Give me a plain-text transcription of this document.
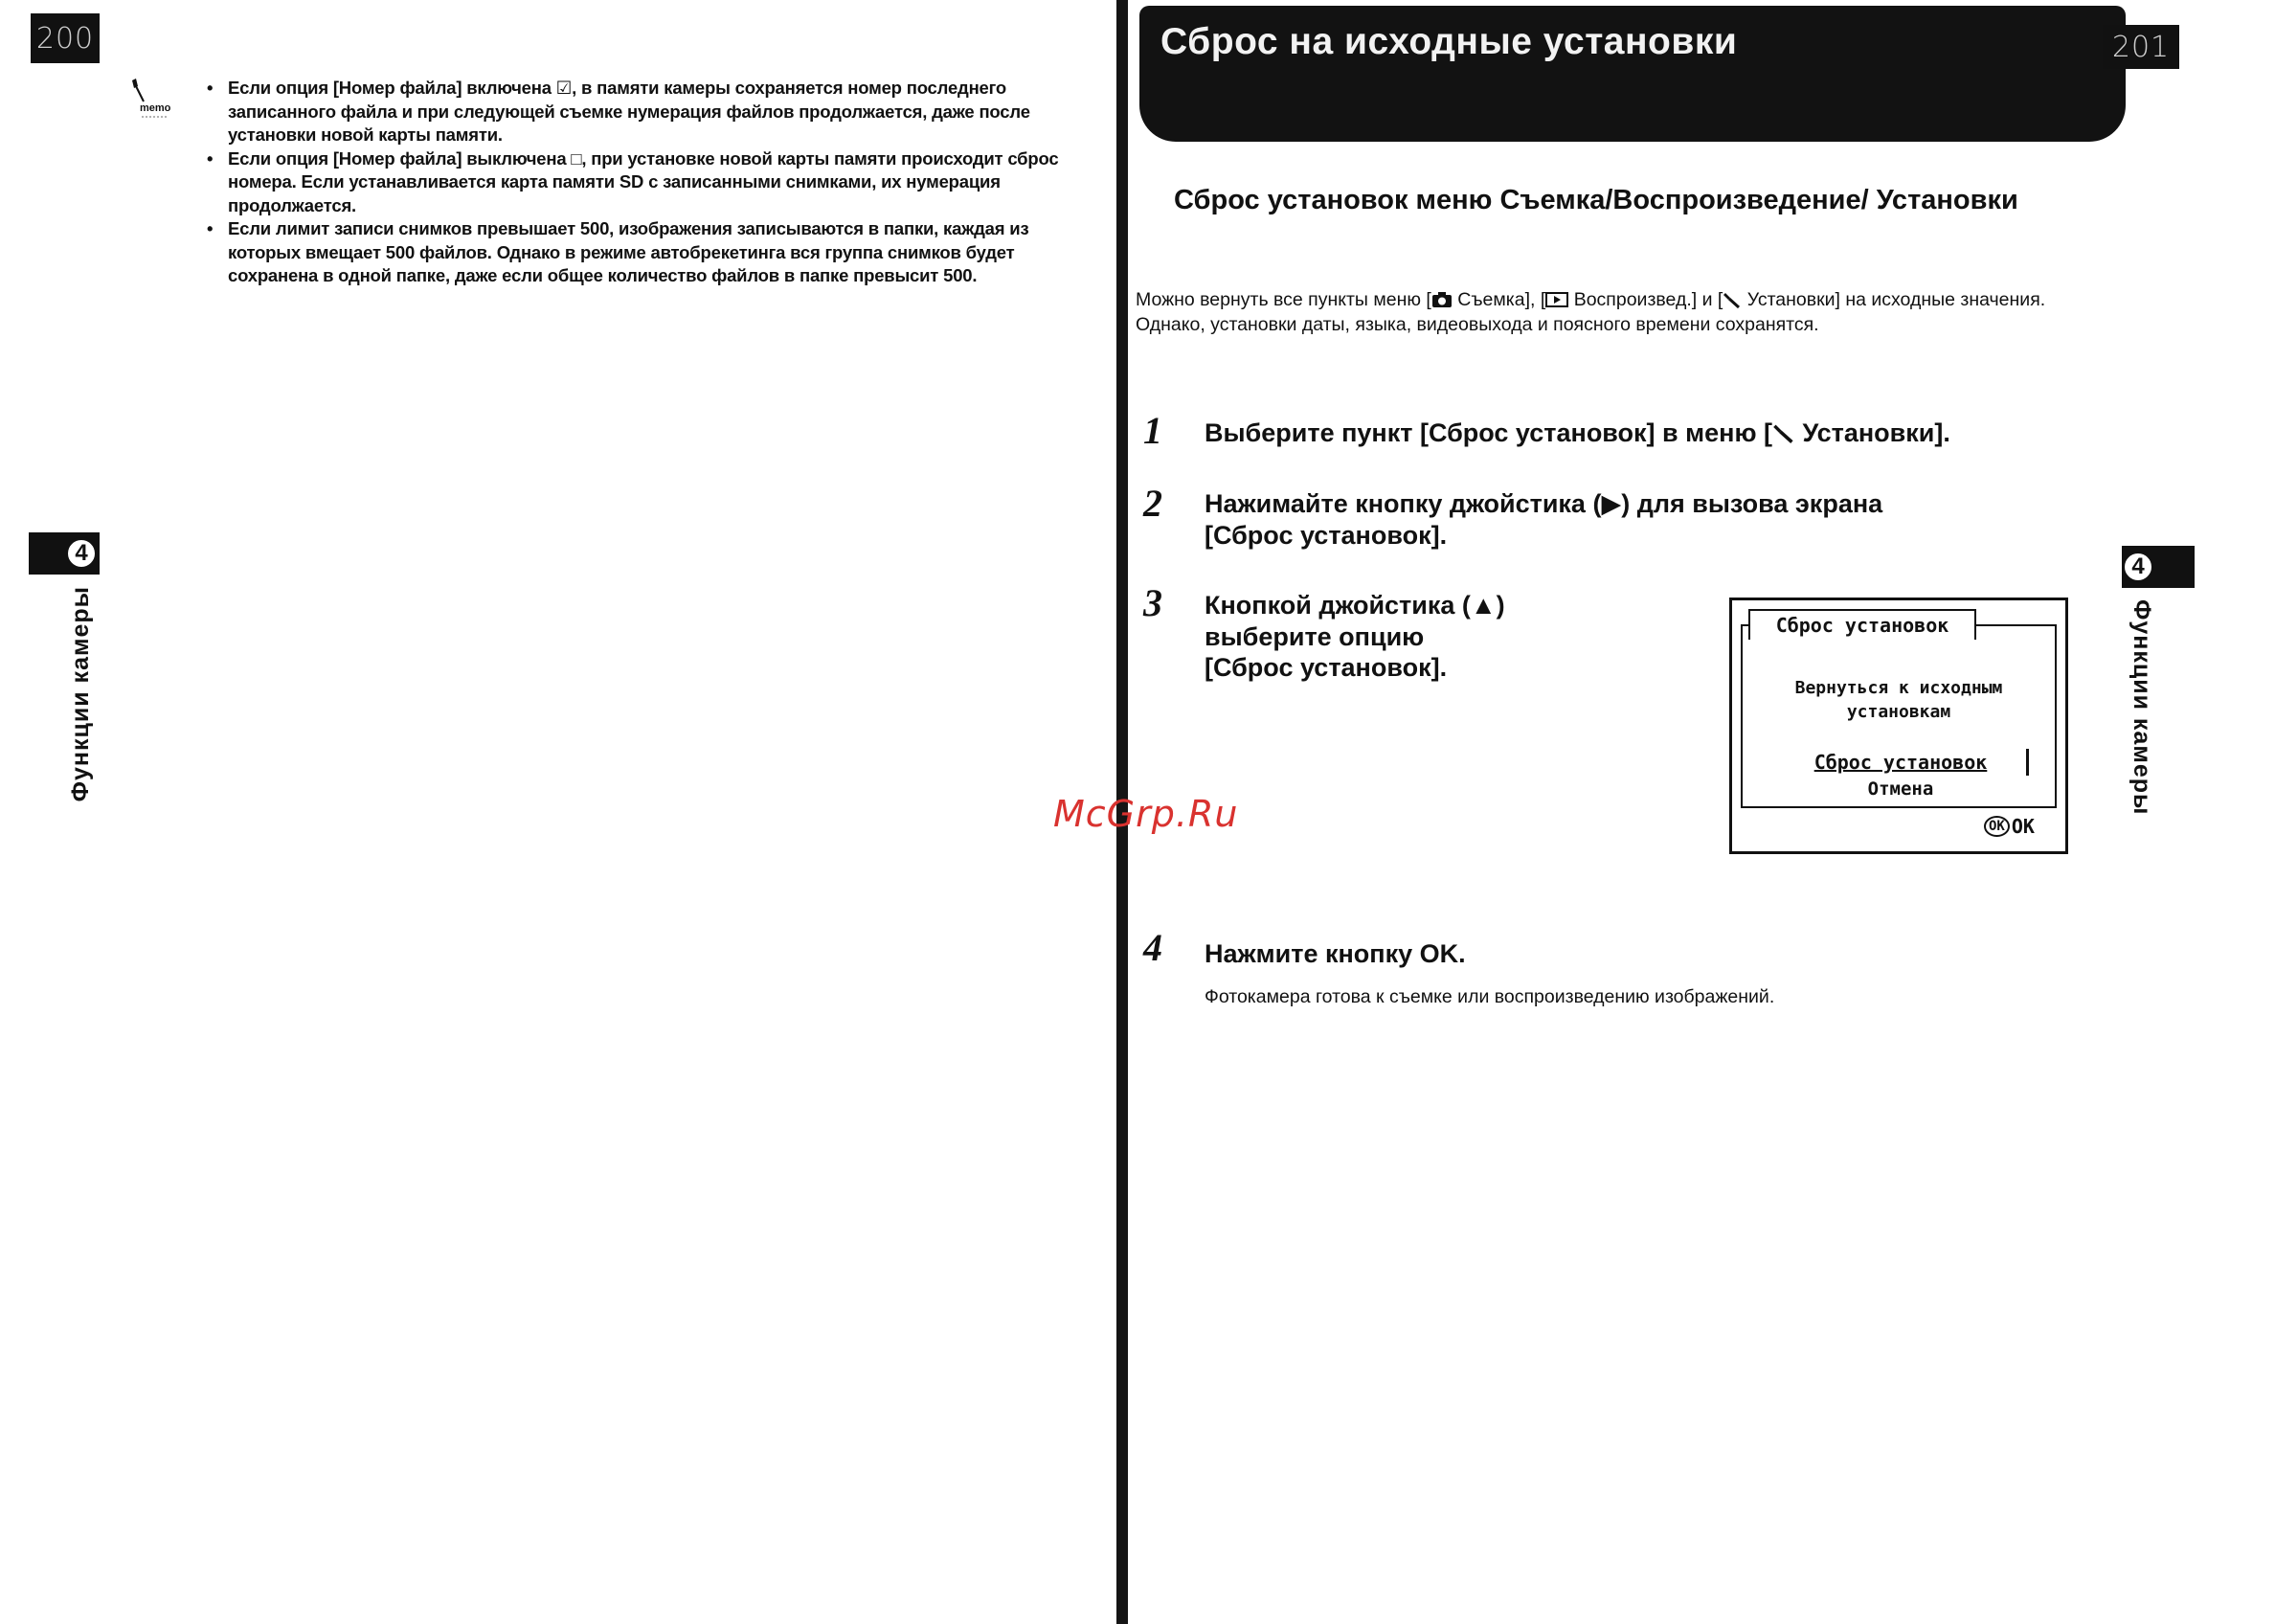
200
memo
• Если опция [Номер файла] включена ☑, в памяти камеры сохраняется номер последнего записанного файла и при следующей съемке нумерация файлов продолжается, даже после установки новой карты памяти.
• Если опция [Номер файла] выключена □, при установке новой карты памяти происходит сброс номера. Если устанавливается карта памяти SD с записанными снимками, их нумерация продолжается.
• Если лимит записи снимков превышает 500, изображения записываются в папки, каждая из которых вмещает 500 файлов. Однако в режиме автобрекетинга вся группа снимков будет сохранена в одной папке, даже если общее количество файлов в папке превысит 500.
4
Функции камеры
Сброс на исходные установки	201
Сброс установок меню Съемка/Воспроизведение/ Установки
Можно вернуть все пункты меню [ Съемка], [ Воспроизвед.] и [ Установки] на исходные значения.
Однако, установки даты, языка, видеовыхода и поясного времени сохранятся.
1 Выберите пункт [Сброс установок] в меню [ Установки].
2 Нажимайте кнопку джойстика (▶) для вызова экрана
[Сброс установок].
3 Кнопкой джойстика (▲)
выберите опцию
[Сброс установок].
Сброс установок
Вернуться к исходным
установкам
Сброс установок
Отмена
OK OK
4 Нажмите кнопку OK.
Фотокамера готова к съемке или воспроизведению изображений.
4
Функции камеры
McGrp.Ru
